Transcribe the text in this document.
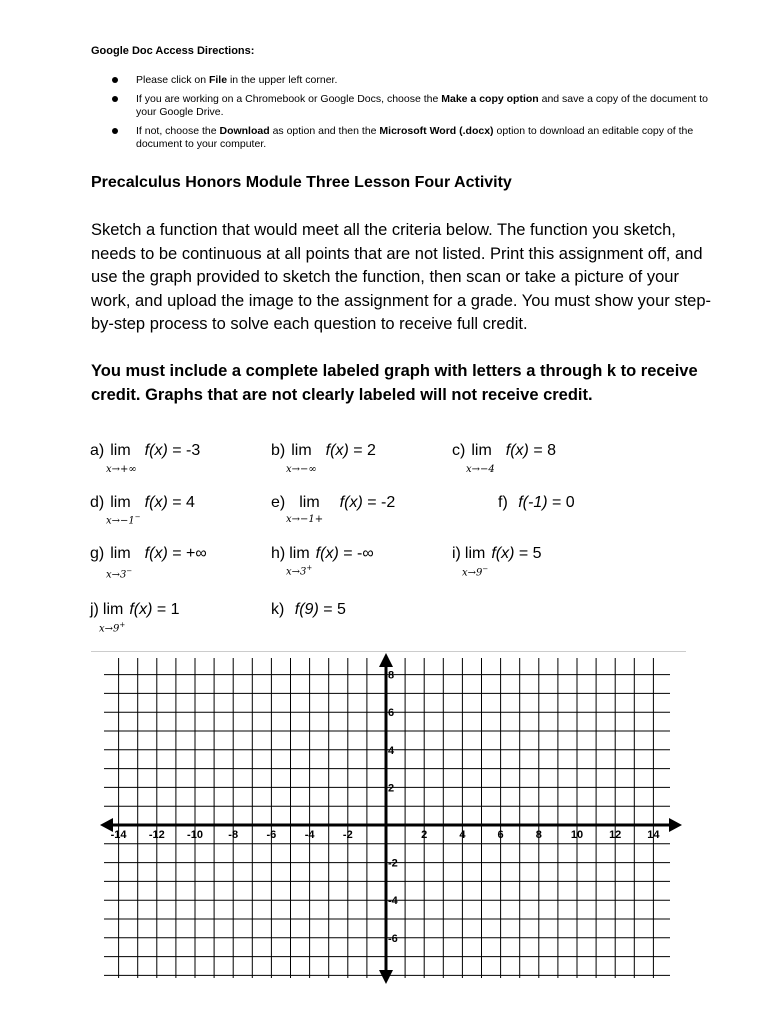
Google Doc Access Directions:
Please click on File in the upper left corner.
If you are working on a Chromebook or Google Docs, choose the Make a copy option and save a copy of the document to your Google Drive.
If not, choose the Download as option and then the Microsoft Word (.docx) option to download an editable copy of the document to your computer.
Precalculus Honors Module Three Lesson Four Activity
Sketch a function that would meet all the criteria below. The function you sketch, needs to be continuous at all points that are not listed. Print this assignment off, and use the graph provided to sketch the function, then scan or take a picture of your work, and upload the image to the assignment for a grade. You must show your step-by-step process to solve each question to receive full credit.
You must include a complete labeled graph with letters a through k to receive credit. Graphs that are not clearly labeled will not receive credit.
a) lim f(x) = -3
x→+∞
b) lim f(x) = 2
x→−∞
c) lim f(x) = 8
x→−4
d) lim f(x) = 4
x→−1−
e) lim f(x) = -2
x→−1+
f) f(-1) = 0
g) lim f(x) = +∞
x→3−
h) lim f(x) = -∞
x→3+
i) lim f(x) = 5
x→9−
j) lim f(x) = 1
x→9+
k) f(9) = 5
-14 -12 -10 -8	-6	-4	-2	2	4	6	8	10 12 14
8
6
4
2
-2
-4
-6
